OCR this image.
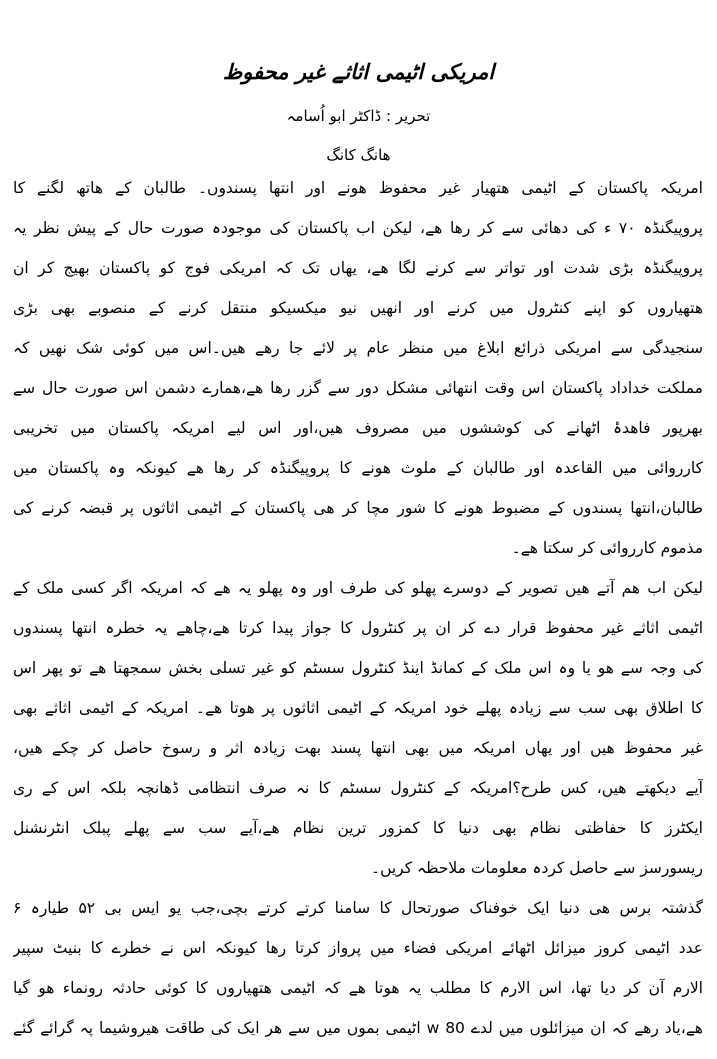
امریکی اٹیمی اثاثے غیر محفوظ
تحریر : ڈاکٹر ابو اُسامہ
ھانگ کانگ
امریکہ پاکستان کے اٹیمی ھتھیار غیر محفوظ ھونے اور انتھا پسندوں۔ طالبان کے ھاتھ لگنے کا
پروپیگنڈہ ۷۰ ء کی دھائی سے کر رھا ھے، لیکن اب پاکستان کی موجودہ صورت حال کے پیش نظر یہ
پروپیگنڈہ بڑی شدت اور تواتر سے کرنے لگا ھے، یھاں تک کہ امریکی فوج کو پاکستان بھیج کر ان
ھتھیاروں کو اپنے کنٹرول میں کرنے اور انھیں نیو میکسیکو منتقل کرنے کے منصوبے بھی بڑی
سنجیدگی سے امریکی ذرائع ابلاغ میں منظر عام پر لائے جا رھے ھیں۔اس میں کوئی شک نھیں کہ
مملکت خداداد پاکستان اس وقت انتھائی مشکل دور سے گزر رھا ھے،ھمارے دشمن اس صورت حال سے
بھرپور فاھدۂ اٹھانے کی کوششوں میں مصروف ھیں،اور اس لیے امریکہ پاکستان میں تخریبی
کارروائی میں القاعدہ اور طالبان کے ملوث ھونے کا پروپیگنڈہ کر رھا ھے کیونکہ وہ پاکستان میں
طالبان،انتھا پسندوں کے مضبوط ھونے کا شور مچا کر ھی پاکستان کے اٹیمی اثاثوں پر قبضہ کرنے کی
مذموم کارروائی کر سکتا ھے۔
لیکن اب ھم آتے ھیں تصویر کے دوسرے پھلو کی طرف اور وہ پھلو یہ ھے کہ امریکہ اگر کسی ملک کے
اٹیمی اثاثے غیر محفوظ قرار دے کر ان پر کنٹرول کا جواز پیدا کرتا ھے،چاھے یہ خطرہ انتھا پسندوں
کی وجہ سے ھو یا وہ اس ملک کے کمانڈ اینڈ کنٹرول سسٹم کو غیر تسلی بخش سمجھتا ھے تو پھر اس
کا اطلاق بھی سب سے زیادہ پھلے خود امریکہ کے اٹیمی اثاثوں پر ھوتا ھے۔ امریکہ کے اٹیمی اثاثے بھی
غیر محفوظ ھیں اور یھاں امریکہ میں بھی انتھا پسند بھت زیادہ اثر و رسوخ حاصل کر چکے ھیں،
آیے دیکھتے ھیں، کس طرح؟امریکہ کے کنٹرول سسٹم کا نہ صرف انتظامی ڈھانچہ بلکہ اس کے ری
ایکٹرز کا حفاظتی نظام بھی دنیا کا کمزور ترین نظام ھے،آیے سب سے پھلے پبلک انٹرنشنل
ریسورسز سے حاصل کردہ معلومات ملاحظہ کریں۔
گذشتہ برس ھی دنیا ایک خوفناک صورتحال کا سامنا کرتے کرتے بچی،جب یو ایس بی ۵۲ طیارہ ۶
عدد اٹیمی کروز میزائل اٹھائے امریکی فضاء میں پرواز کرتا رھا کیونکہ اس نے خطرے کا بنیٹ سپیر
الارم آن کر دیا تھا، اس الارم کا مطلب یہ ھوتا ھے کہ اٹیمی ھتھیاروں کا کوئی حادثہ رونماء ھو گیا
ھے،یاد رھے کہ ان میزائلوں میں لدے w 80 اٹیمی بموں میں سے ھر ایک کی طاقت ھیروشیما پہ گرائے گئے
